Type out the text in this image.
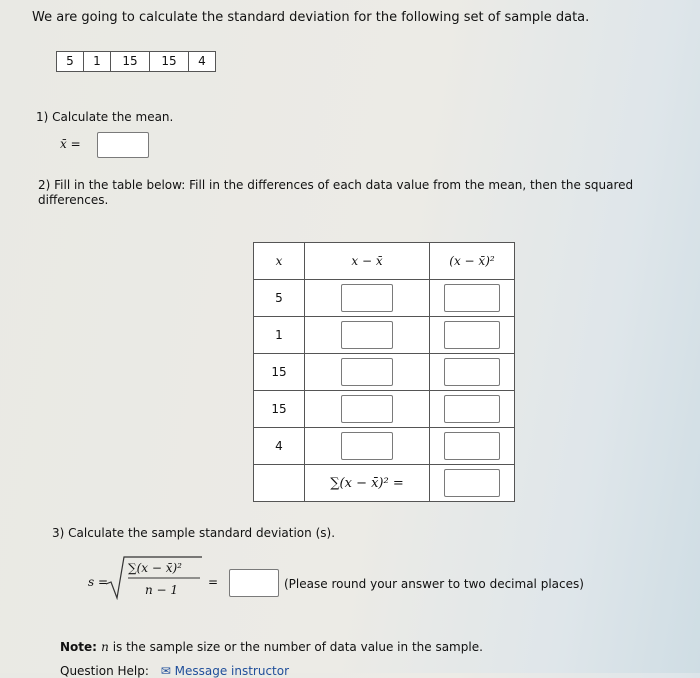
We are going to calculate the standard deviation for the following set of sample data.
5	1	15	15	4
1) Calculate the mean.
x̄ =
2) Fill in the table below: Fill in the differences of each data value from the mean, then the squared differences.
x	x − x̄	(x − x̄)²
5		
1		
15		
15		
4		
	∑(x − x̄)² =	
3) Calculate the sample standard deviation (s).
s =
∑(x − x̄)²
n − 1
=	(Please round your answer to two decimal places)
Note: n is the sample size or the number of data value in the sample.
Question Help: ✉ Message instructor
